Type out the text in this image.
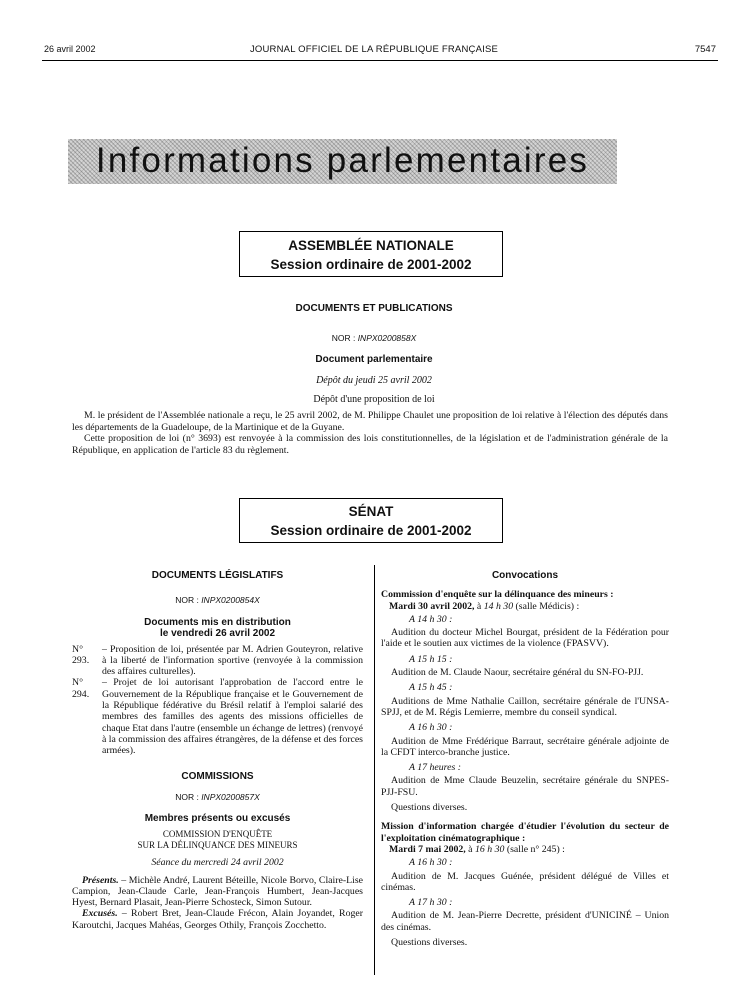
26 avril 2002	JOURNAL OFFICIEL DE LA RÉPUBLIQUE FRANÇAISE	7547
Informations parlementaires
ASSEMBLÉE NATIONALE
Session ordinaire de 2001-2002
DOCUMENTS ET PUBLICATIONS
NOR : INPX0200858X
Document parlementaire
Dépôt du jeudi 25 avril 2002
Dépôt d'une proposition de loi

M. le président de l'Assemblée nationale a reçu, le 25 avril 2002, de M. Philippe Chaulet une proposition de loi relative à l'élection des députés dans les départements de la Guadeloupe, de la Martinique et de la Guyane.

Cette proposition de loi (n° 3693) est renvoyée à la commission des lois constitutionnelles, de la législation et de l'administration générale de la République, en application de l'article 83 du règlement.

SÉNAT
Session ordinaire de 2001-2002
DOCUMENTS LÉGISLATIFS
NOR : INPX0200854X
Documents mis en distribution
le vendredi 26 avril 2002
N° 293.
– Proposition de loi, présentée par M. Adrien Gouteyron, relative à la liberté de l'information sportive (renvoyée à la commission des affaires culturelles).
N° 294.
– Projet de loi autorisant l'approbation de l'accord entre le Gouvernement de la République française et le Gouvernement de la République fédérative du Brésil relatif à l'emploi salarié des membres des familles des agents des missions officielles de chaque Etat dans l'autre (ensemble un échange de lettres) (renvoyé à la commission des affaires étrangères, de la défense et des forces armées).
COMMISSIONS
NOR : INPX0200857X
Membres présents ou excusés
COMMISSION D'ENQUÊTE
SUR LA DÉLINQUANCE DES MINEURS
Séance du mercredi 24 avril 2002

Présents. – Michèle André, Laurent Béteille, Nicole Borvo, Claire-Lise Campion, Jean-Claude Carle, Jean-François Humbert, Jean-Jacques Hyest, Bernard Plasait, Jean-Pierre Schosteck, Simon Sutour.

Excusés. – Robert Bret, Jean-Claude Frécon, Alain Joyandet, Roger Karoutchi, Jacques Mahéas, Georges Othily, François Zocchetto.

Convocations
Commission d'enquête sur la délinquance des mineurs :
Mardi 30 avril 2002, à 14 h 30 (salle Médicis) :

A 14 h 30 :

Audition du docteur Michel Bourgat, président de la Fédération pour l'aide et le soutien aux victimes de la violence (FPASVV).

A 15 h 15 :

Audition de M. Claude Naour, secrétaire général du SN-FO-PJJ.

A 15 h 45 :

Auditions de Mme Nathalie Caillon, secrétaire générale de l'UNSA-SPJJ, et de M. Régis Lemierre, membre du conseil syndical.

A 16 h 30 :

Audition de Mme Frédérique Barraut, secrétaire générale adjointe de la CFDT interco-branche justice.

A 17 heures :

Audition de Mme Claude Beuzelin, secrétaire générale du SNPES-PJJ-FSU.

Questions diverses.

Mission d'information chargée d'étudier l'évolution du secteur de l'exploitation cinématographique :
Mardi 7 mai 2002, à 16 h 30 (salle n° 245) :

A 16 h 30 :

Audition de M. Jacques Guénée, président délégué de Villes et cinémas.

A 17 h 30 :

Audition de M. Jean-Pierre Decrette, président d'UNICINÉ – Union des cinémas.

Questions diverses.
